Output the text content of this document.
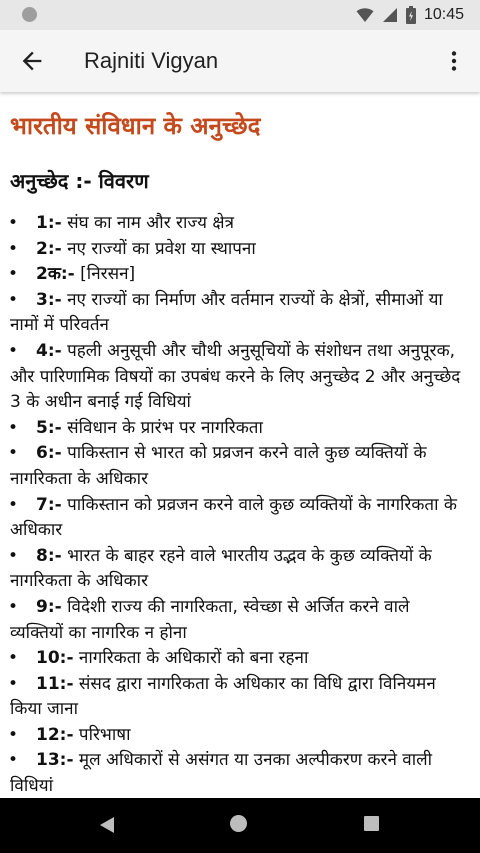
10:45
Rajniti Vigyan
भारतीय संविधान के अनुच्छेद
अनुच्छेद :- विवरण
•	1:- संघ का नाम और राज्य क्षेत्र
•	2:- नए राज्यों का प्रवेश या स्थापना
•	2क:- [निरसन]
•	3:- नए राज्यों का निर्माण और वर्तमान राज्यों के क्षेत्रों, सीमाओं या नामों में परिवर्तन
•	4:- पहली अनुसूची और चौथी अनुसूचियों के संशोधन तथा अनुपूरक, और पारिणामिक विषयों का उपबंध करने के लिए अनुच्छेद 2 और अनुच्छेद 3 के अधीन बनाई गई विधियां
•	5:- संविधान के प्रारंभ पर नागरिकता
•	6:- पाकिस्तान से भारत को प्रव्रजन करने वाले कुछ व्यक्तियों के नागरिकता के अधिकार
•	7:- पाकिस्तान को प्रव्रजन करने वाले कुछ व्यक्तियों के नागरिकता के अधिकार
•	8:- भारत के बाहर रहने वाले भारतीय उद्भव के कुछ व्यक्तियों के नागरिकता के अधिकार
•	9:- विदेशी राज्य की नागरिकता, स्वेच्छा से अर्जित करने वाले व्यक्तियों का नागरिक न होना
•	10:- नागरिकता के अधिकारों को बना रहना
•	11:- संसद द्वारा नागरिकता के अधिकार का विधि द्वारा विनियमन किया जाना
•	12:- परिभाषा
•	13:- मूल अधिकारों से असंगत या उनका अल्पीकरण करने वाली विधियां
